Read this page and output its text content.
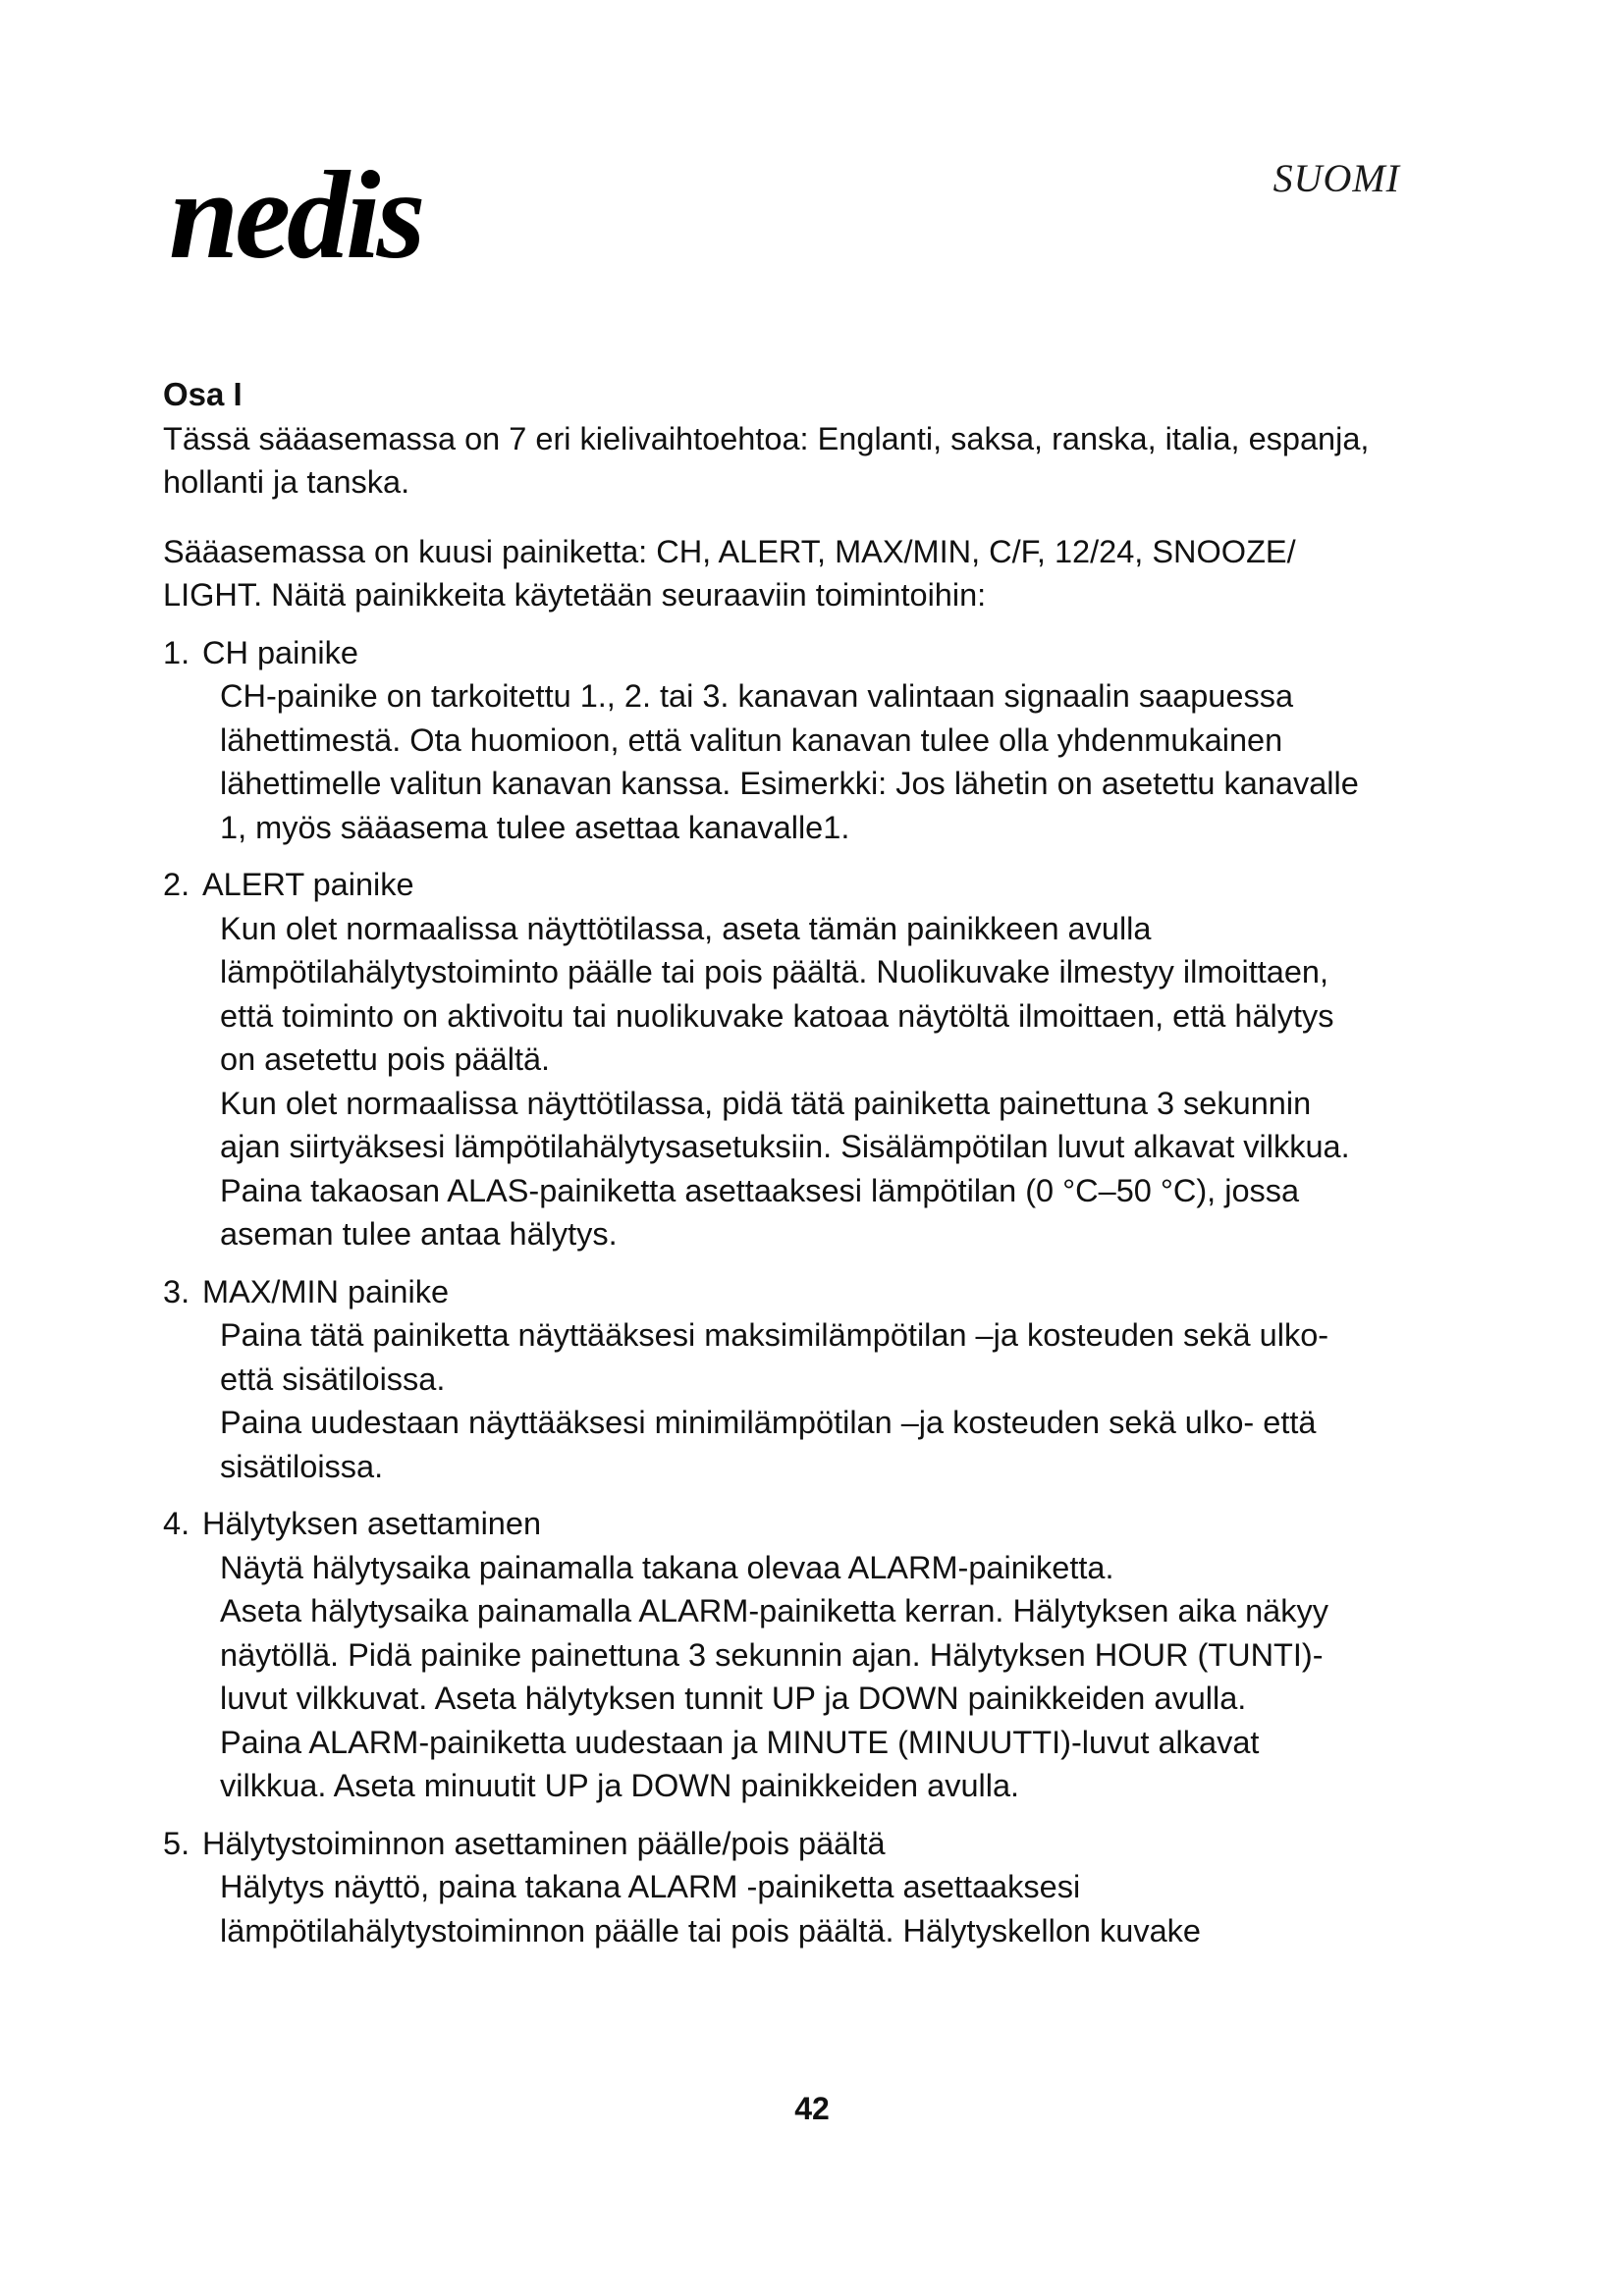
nedis	SUOMI

Osa I

Tässä sääasemassa on 7 eri kielivaihtoehtoa: Englanti, saksa, ranska, italia, espanja, hollanti ja tanska.

Sääasemassa on kuusi painiketta: CH, ALERT, MAX/MIN, C/F, 12/24, SNOOZE/ LIGHT. Näitä painikkeita käytetään seuraaviin toimintoihin:

1. CH painike

CH-painike on tarkoitettu 1., 2. tai 3. kanavan valintaan signaalin saapuessa lähettimestä. Ota huomioon, että valitun kanavan tulee olla yhdenmukainen lähettimelle valitun kanavan kanssa. Esimerkki: Jos lähetin on asetettu kanavalle 1, myös sääasema tulee asettaa kanavalle1.

2. ALERT painike

Kun olet normaalissa näyttötilassa, aseta tämän painikkeen avulla lämpötilahälytystoiminto päälle tai pois päältä. Nuolikuvake ilmestyy ilmoittaen, että toiminto on aktivoitu tai nuolikuvake katoaa näytöltä ilmoittaen, että hälytys on asetettu pois päältä.

Kun olet normaalissa näyttötilassa, pidä tätä painiketta painettuna 3 sekunnin ajan siirtyäksesi lämpötilahälytysasetuksiin. Sisälämpötilan luvut alkavat vilkkua. Paina takaosan ALAS-painiketta asettaaksesi lämpötilan (0 °C–50 °C), jossa aseman tulee antaa hälytys.

3. MAX/MIN painike

Paina tätä painiketta näyttääksesi maksimilämpötilan –ja kosteuden sekä ulko- että sisätiloissa.

Paina uudestaan näyttääksesi minimilämpötilan –ja kosteuden sekä ulko- että sisätiloissa.

4. Hälytyksen asettaminen

Näytä hälytysaika painamalla takana olevaa ALARM-painiketta.

Aseta hälytysaika painamalla ALARM-painiketta kerran. Hälytyksen aika näkyy näytöllä. Pidä painike painettuna 3 sekunnin ajan. Hälytyksen HOUR (TUNTI)-luvut vilkkuvat. Aseta hälytyksen tunnit UP ja DOWN painikkeiden avulla.

Paina ALARM-painiketta uudestaan ja MINUTE (MINUUTTI)-luvut alkavat vilkkua. Aseta minuutit UP ja DOWN painikkeiden avulla.

5. Hälytystoiminnon asettaminen päälle/pois päältä

Hälytys näyttö, paina takana ALARM -painiketta asettaaksesi lämpötilahälytystoiminnon päälle tai pois päältä. Hälytyskellon kuvake

42
